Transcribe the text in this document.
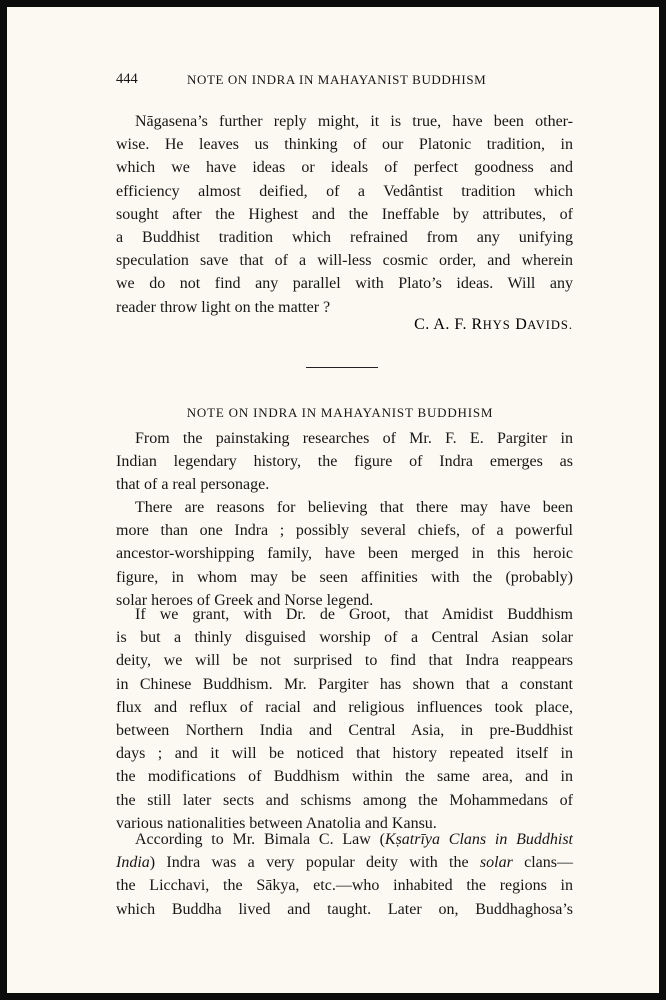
444	NOTE ON INDRA IN MAHAYANIST BUDDHISM
Nāgasena’s further reply might, it is true, have been other-
wise. He leaves us thinking of our Platonic tradition, in
which we have ideas or ideals of perfect goodness and
efficiency almost deified, of a Vedântist tradition which
sought after the Highest and the Ineffable by attributes, of
a Buddhist tradition which refrained from any unifying
speculation save that of a will-less cosmic order, and wherein
we do not find any parallel with Plato’s ideas. Will any
reader throw light on the matter ?
C. A. F. RHYS DAVIDS.
NOTE ON INDRA IN MAHAYANIST BUDDHISM
From the painstaking researches of Mr. F. E. Pargiter in
Indian legendary history, the figure of Indra emerges as
that of a real personage.
There are reasons for believing that there may have been
more than one Indra ; possibly several chiefs, of a powerful
ancestor-worshipping family, have been merged in this heroic
figure, in whom may be seen affinities with the (probably)
solar heroes of Greek and Norse legend.
If we grant, with Dr. de Groot, that Amidist Buddhism
is but a thinly disguised worship of a Central Asian solar
deity, we will be not surprised to find that Indra reappears
in Chinese Buddhism. Mr. Pargiter has shown that a constant
flux and reflux of racial and religious influences took place,
between Northern India and Central Asia, in pre-Buddhist
days ; and it will be noticed that history repeated itself in
the modifications of Buddhism within the same area, and in
the still later sects and schisms among the Mohammedans of
various nationalities between Anatolia and Kansu.
According to Mr. Bimala C. Law (Kṣatrīya Clans in Buddhist
India) Indra was a very popular deity with the solar clans—
the Licchavi, the Sākya, etc.—who inhabited the regions in
which Buddha lived and taught. Later on, Buddhaghosa’s
